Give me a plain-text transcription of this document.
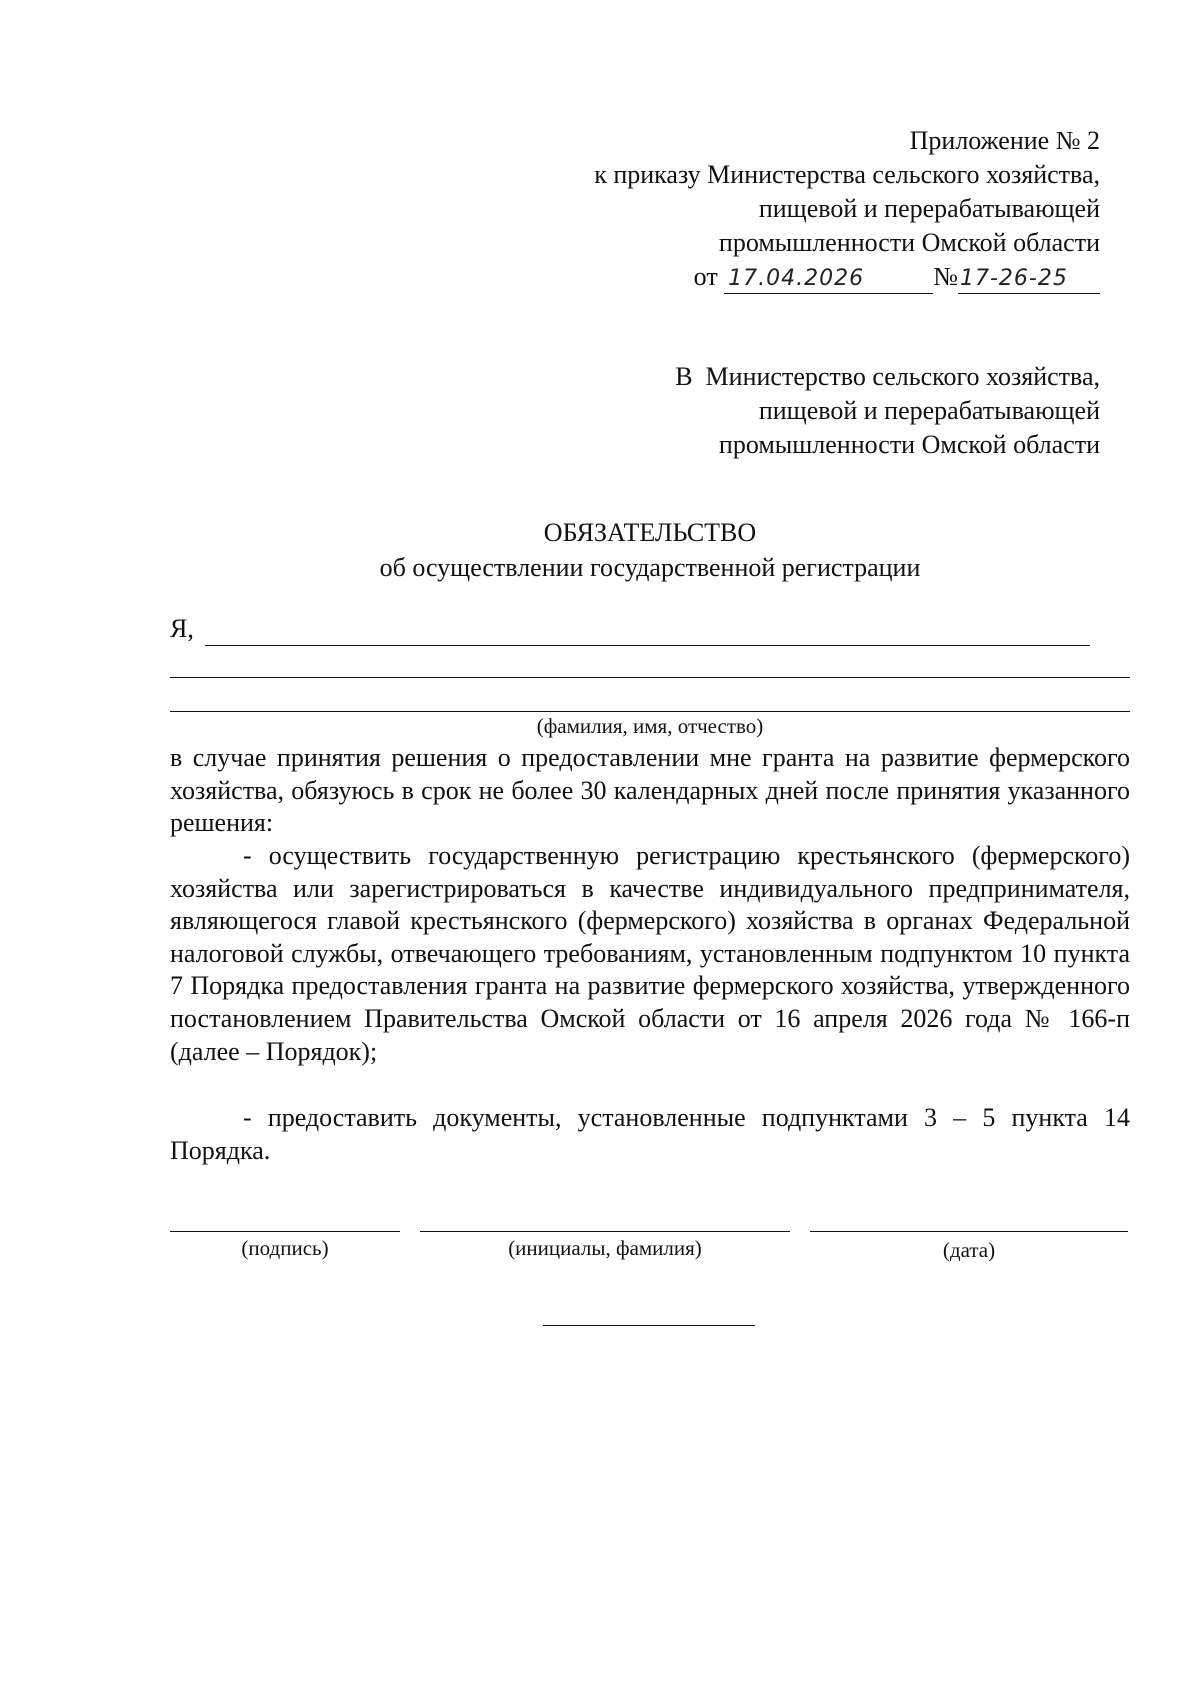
Приложение № 2
к приказу Министерства сельского хозяйства,
пищевой и перерабатывающей
промышленности Омской области
от
17.04.2026	№ 17-26-25
В  Министерство сельского хозяйства,
пищевой и перерабатывающей
промышленности Омской области
ОБЯЗАТЕЛЬСТВО
об осуществлении государственной регистрации
Я,
(фамилия, имя, отчество)
в случае принятия решения о предоставлении мне гранта на развитие фермерского хозяйства, обязуюсь в срок не более 30 календарных дней после принятия указанного решения:
- осуществить государственную регистрацию крестьянского (фермерского) хозяйства или зарегистрироваться в качестве индивидуального предпринимателя, являющегося главой крестьянского (фермерского) хозяйства в органах Федеральной налоговой службы, отвечающего требованиям, установленным подпунктом 10 пункта 7 Порядка предоставления гранта на развитие фермерского хозяйства, утвержденного постановлением Правительства Омской области от 16 апреля 2026 года № 166-п (далее – Порядок);
- предоставить документы, установленные подпунктами 3 – 5 пункта 14 Порядка.
(подпись)	(инициалы, фамилия)	(дата)
